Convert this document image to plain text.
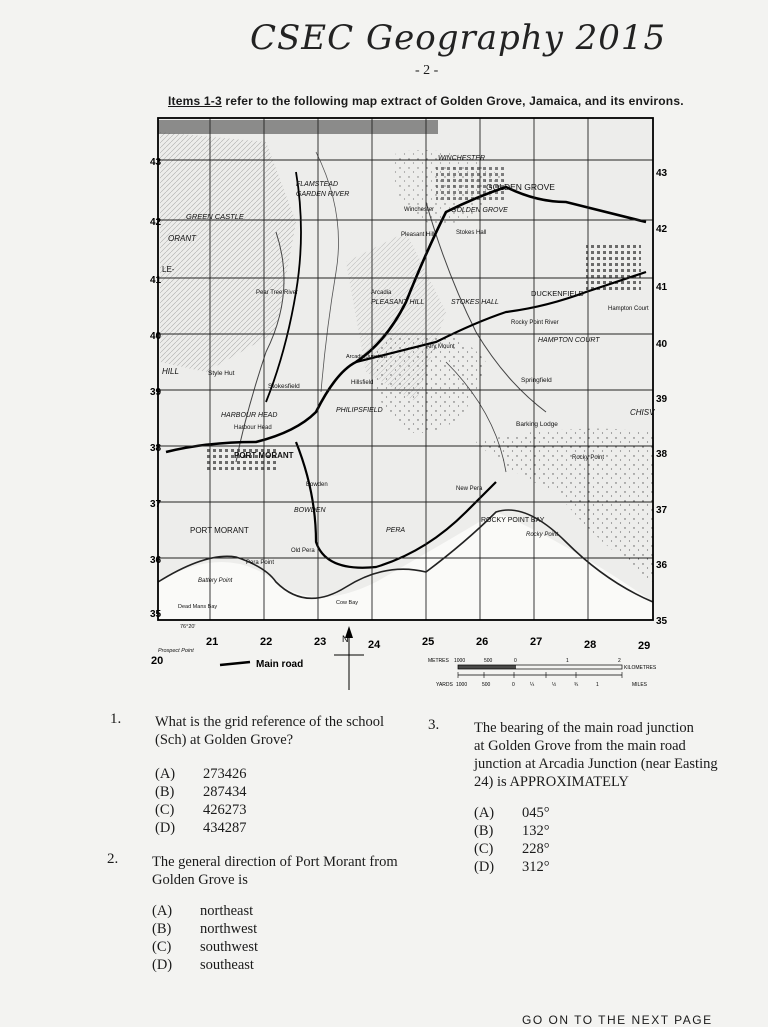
CSEC Geography 2015
- 2 -
Items 1-3 refer to the following map extract of Golden Grove, Jamaica, and its environs.
43
42
41
40
39
38
37
36
35
43
42
41
40
39
38
37
36
35
20
21	22	23	24	25	26	27	28	29
LE-
HILL
CHISV
WINCHESTER
GOLDEN GROVE
Winchester GOLDEN GROVE
FLAMSTEAD
GARDEN RIVER
GREEN CASTLE
ORANT	Pleasant Hill	Stokes Hall
Arcadia
PLEASANT HILL	STOKES HALL
DUCKENFIELD
Hampton Court
Rocky Point River
HAMPTON COURT
Pear Tree River
Airy Mount
Arcadia Junction
Style Hut
Stokesfield
Springfield
Hillsfield
HARBOUR HEAD
Harbour Head
PHILIPSFIELD
Barking Lodge
PORT MORANT	Rocky Point
Bowden
New Pera
BOWDEN
PORT MORANT	PERA
ROCKY POINT BAY
Rocky Point
Old Pera
Pera Point
Battery Point
Dead Mans Bay
Prospect Point
Cow Bay
76°20'
Main road
N
METRES 1000	500	0	1	2
KILOMETRES
YARDS 1000	500	0	¼	½	¾	1	MILES
1. What is the grid reference of the school
(Sch) at Golden Grove?
(A)	273426
(B)	287434
(C)	426273
(D)	434287
2. The general direction of Port Morant from
Golden Grove is
(A)	northeast
(B)	northwest
(C)	southwest
(D)	southeast
3. The bearing of the main road junction
at Golden Grove from the main road
junction at Arcadia Junction (near Easting
24) is APPROXIMATELY
(A)	045°
(B)	132°
(C)	228°
(D)	312°
GO ON TO THE NEXT PAGE
